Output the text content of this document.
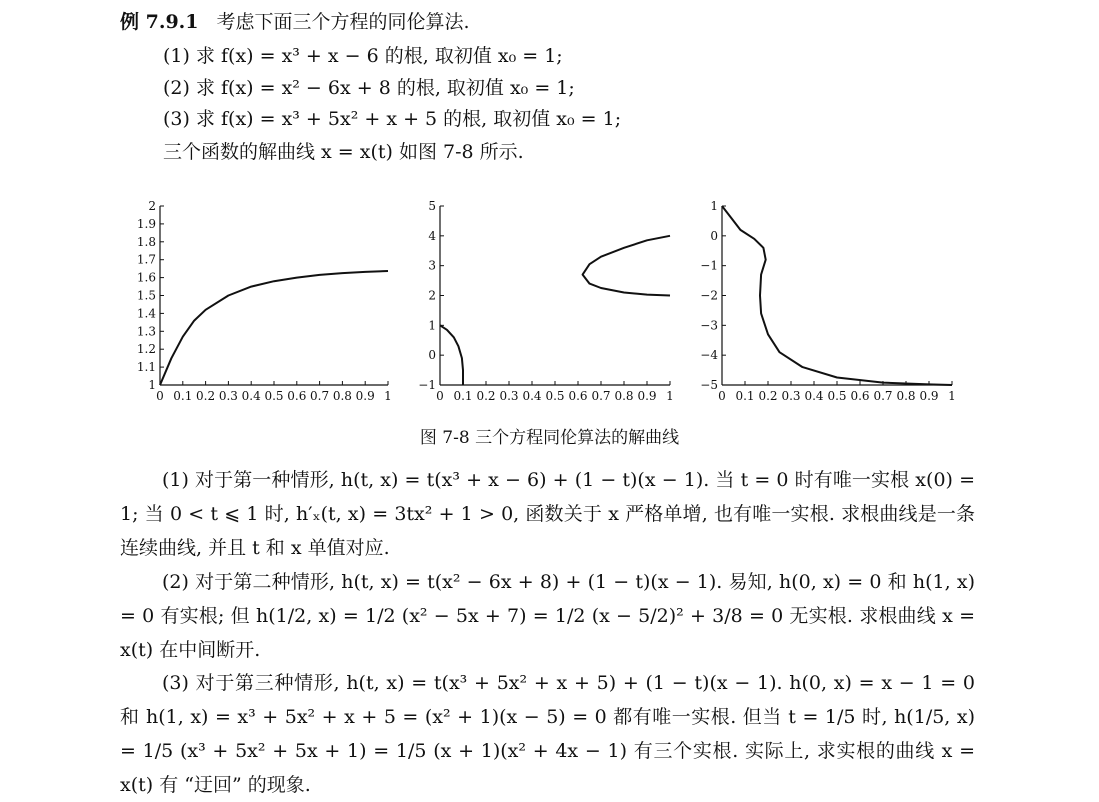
例 7.9.1 考虑下面三个方程的同伦算法.
(1) 求 f(x) = x³ + x − 6 的根, 取初值 x₀ = 1;
(2) 求 f(x) = x² − 6x + 8 的根, 取初值 x₀ = 1;
(3) 求 f(x) = x³ + 5x² + x + 5 的根, 取初值 x₀ = 1;
三个函数的解曲线 x = x(t) 如图 7-8 所示.
0 0.1 0.2 0.3 0.4 0.5 0.6 0.7 0.8 0.9 1
1
1.1
1.2
1.3
1.4
1.5
1.6
1.7
1.8
1.9
2
0 0.1 0.2 0.3 0.4 0.5 0.6 0.7 0.8 0.9 1
−1
0
1
2
3
4
5
0 0.1 0.2 0.3 0.4 0.5 0.6 0.7 0.8 0.9 1
1
0
−1
−2
−3
−4
−5
图 7-8 三个方程同伦算法的解曲线
(1) 对于第一种情形, h(t, x) = t(x³ + x − 6) + (1 − t)(x − 1). 当 t = 0 时有唯一实根 x(0) = 1; 当 0 < t ⩽ 1 时, h′ₓ(t, x) = 3tx² + 1 > 0, 函数关于 x 严格单增, 也有唯一实根. 求根曲线是一条连续曲线, 并且 t 和 x 单值对应.
(2) 对于第二种情形, h(t, x) = t(x² − 6x + 8) + (1 − t)(x − 1). 易知, h(0, x) = 0 和 h(1, x) = 0 有实根; 但 h(1/2, x) = 1/2 (x² − 5x + 7) = 1/2 (x − 5/2)² + 3/8 = 0 无实根. 求根曲线 x = x(t) 在中间断开.
(3) 对于第三种情形, h(t, x) = t(x³ + 5x² + x + 5) + (1 − t)(x − 1). h(0, x) = x − 1 = 0 和 h(1, x) = x³ + 5x² + x + 5 = (x² + 1)(x − 5) = 0 都有唯一实根. 但当 t = 1/5 时, h(1/5, x) = 1/5 (x³ + 5x² + 5x + 1) = 1/5 (x + 1)(x² + 4x − 1) 有三个实根. 实际上, 求实根的曲线 x = x(t) 有 “迂回” 的现象.
